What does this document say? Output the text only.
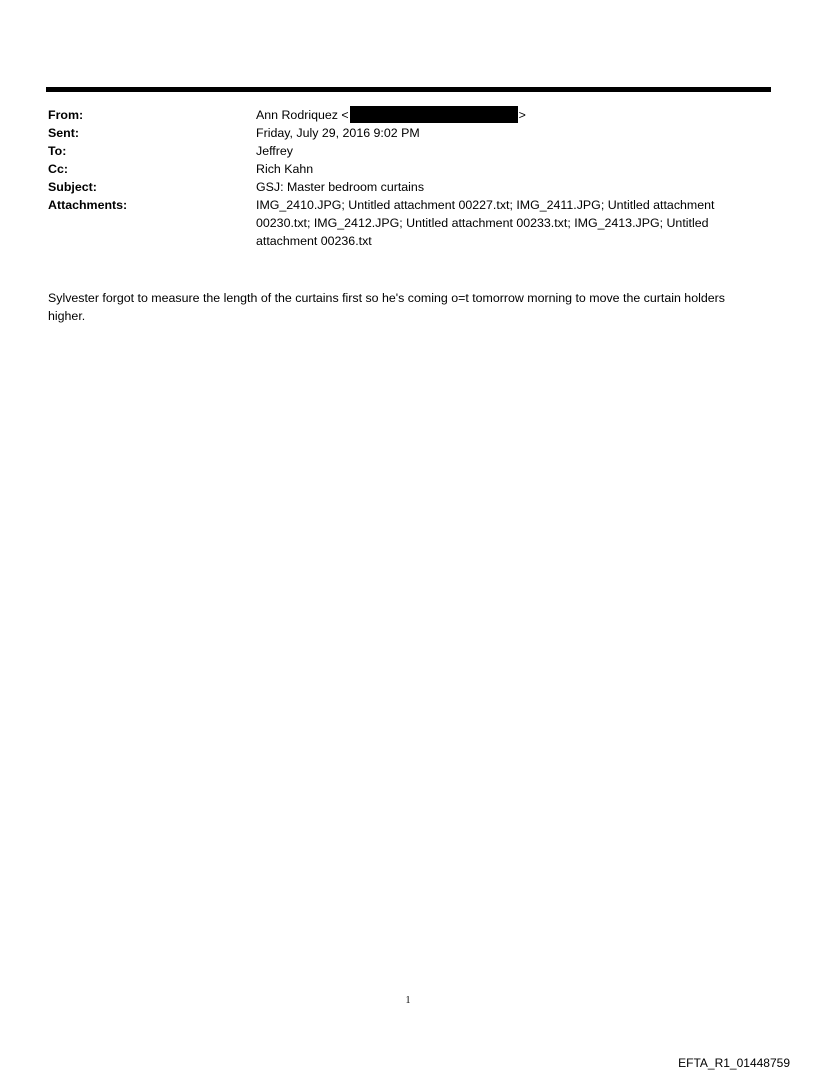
From:	Ann Rodriquez <	>
Sent:	Friday, July 29, 2016 9:02 PM
To:	Jeffrey
Cc:	Rich Kahn
Subject:	GSJ: Master bedroom curtains
Attachments:	IMG_2410.JPG; Untitled attachment 00227.txt; IMG_2411.JPG; Untitled attachment 00230.txt; IMG_2412.JPG; Untitled attachment 00233.txt; IMG_2413.JPG; Untitled attachment 00236.txt
Sylvester forgot to measure the length of the curtains first so he's coming o=t tomorrow morning to move the curtain holders higher.
1
EFTA_R1_01448759
